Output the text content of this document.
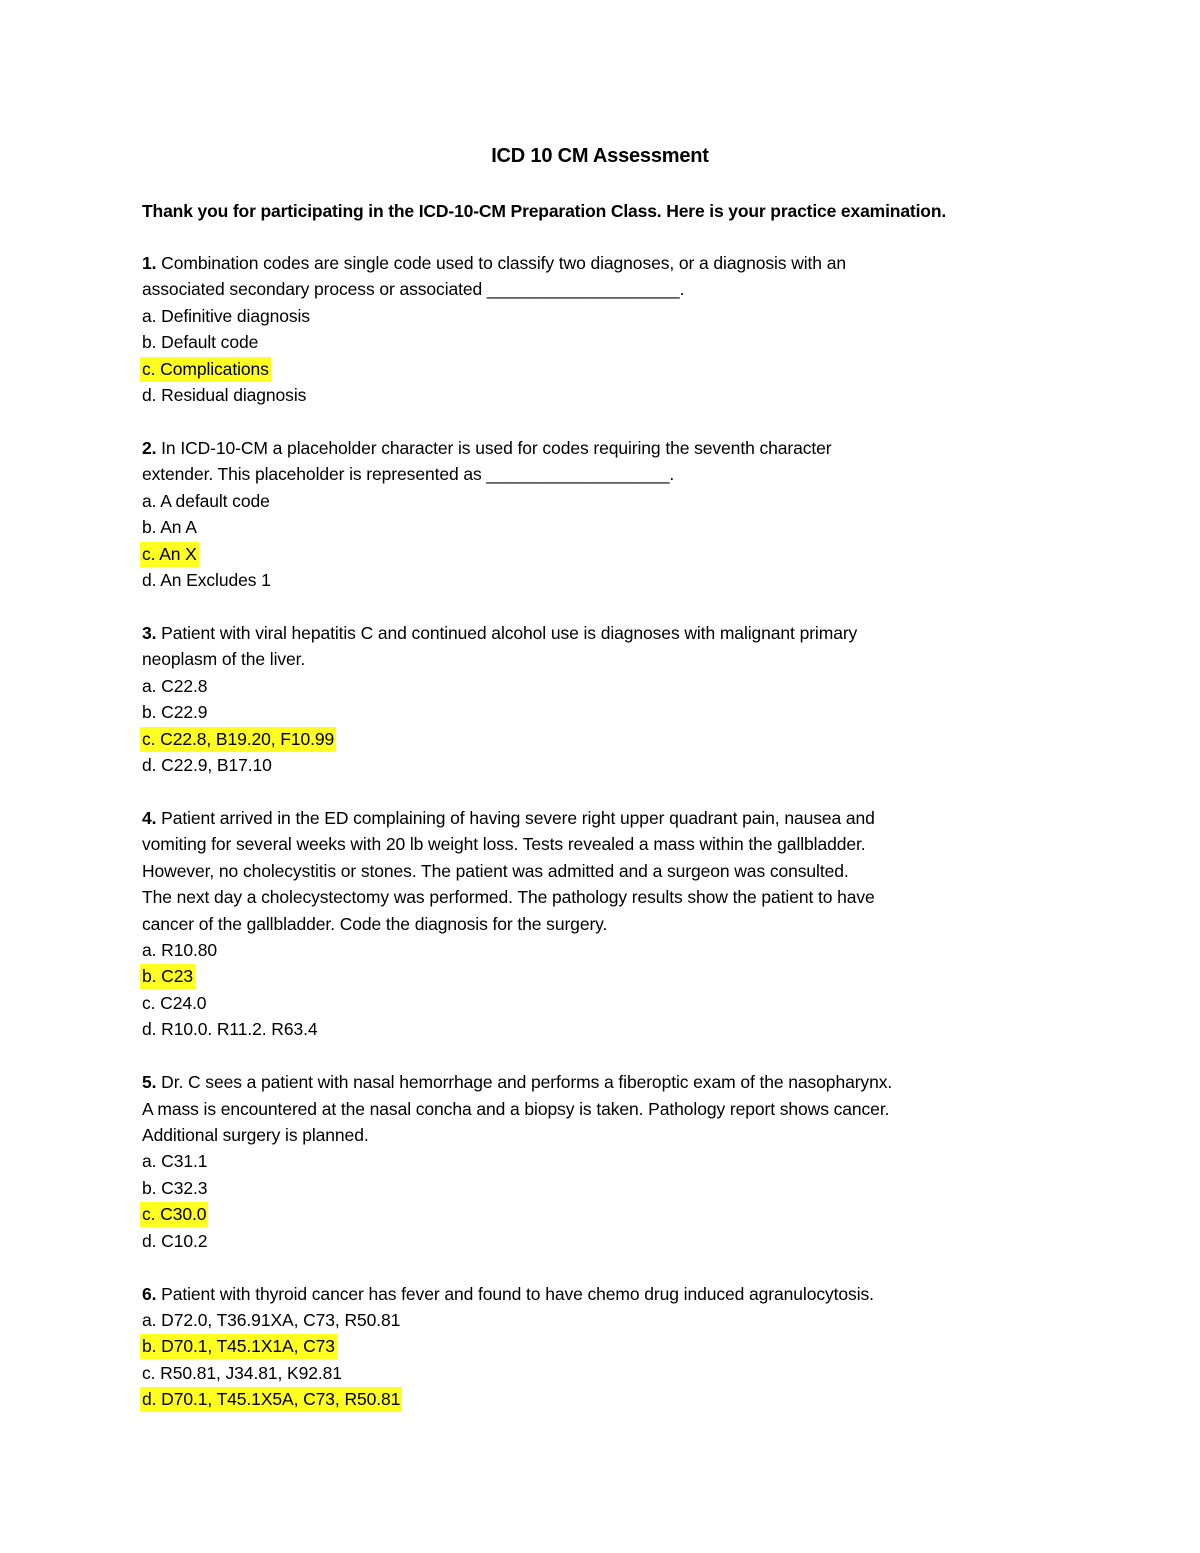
ICD 10 CM Assessment
Thank you for participating in the ICD-10-CM Preparation Class. Here is your practice examination.
1. Combination codes are single code used to classify two diagnoses, or a diagnosis with an
associated secondary process or associated ____________________.
a. Definitive diagnosis
b. Default code
c. Complications
d. Residual diagnosis
2. In ICD-10-CM a placeholder character is used for codes requiring the seventh character
extender. This placeholder is represented as ___________________.
a. A default code
b. An A
c. An X
d. An Excludes 1
3. Patient with viral hepatitis C and continued alcohol use is diagnoses with malignant primary
neoplasm of the liver.
a. C22.8
b. C22.9
c. C22.8, B19.20, F10.99
d. C22.9, B17.10
4. Patient arrived in the ED complaining of having severe right upper quadrant pain, nausea and
vomiting for several weeks with 20 lb weight loss. Tests revealed a mass within the gallbladder.
However, no cholecystitis or stones. The patient was admitted and a surgeon was consulted.
The next day a cholecystectomy was performed. The pathology results show the patient to have
cancer of the gallbladder. Code the diagnosis for the surgery.
a. R10.80
b. C23
c. C24.0
d. R10.0. R11.2. R63.4
5. Dr. C sees a patient with nasal hemorrhage and performs a fiberoptic exam of the nasopharynx.
A mass is encountered at the nasal concha and a biopsy is taken. Pathology report shows cancer.
Additional surgery is planned.
a. C31.1
b. C32.3
c. C30.0
d. C10.2
6. Patient with thyroid cancer has fever and found to have chemo drug induced agranulocytosis.
a. D72.0, T36.91XA, C73, R50.81
b. D70.1, T45.1X1A, C73
c. R50.81, J34.81, K92.81
d. D70.1, T45.1X5A, C73, R50.81
